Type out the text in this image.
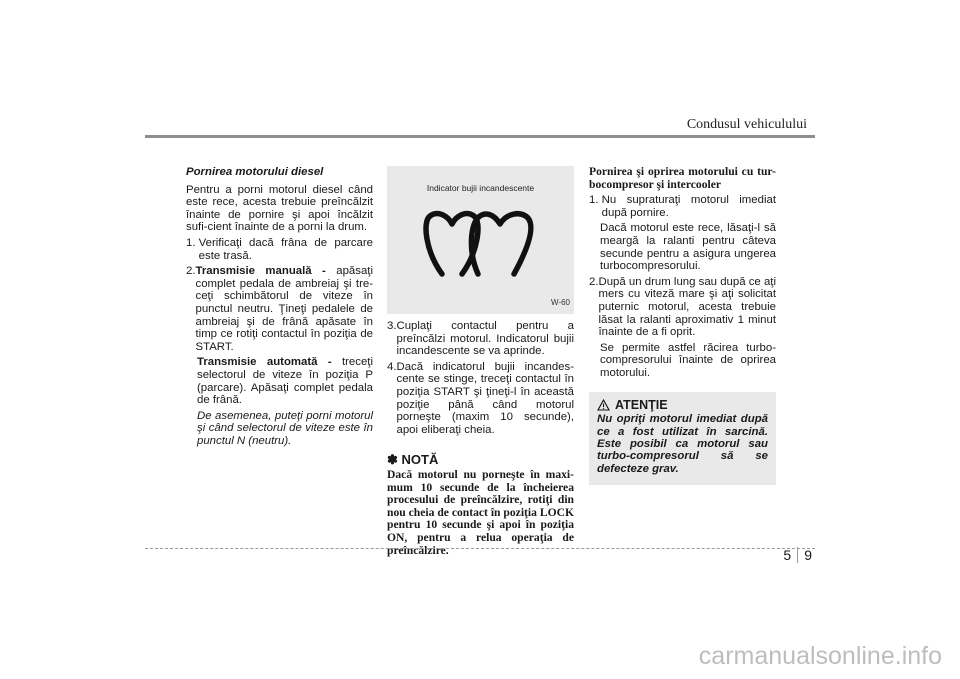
Condusul vehiculului
Pornirea motorului diesel
Pentru a porni motorul diesel când este rece, acesta trebuie preîncălzit înainte de pornire şi apoi încălzit sufi-cient înainte de a porni la drum.
1. Verificaţi dacă frâna de parcare este trasă.
2. Transmisie manuală - apăsaţi complet pedala de ambreiaj şi tre-ceţi schimbătorul de viteze în punctul neutru. Ţineţi pedalele de ambreiaj şi de frână apăsate în timp ce rotiţi contactul în poziţia de START.
Transmisie automată - treceţi selectorul de viteze în poziţia P (parcare). Apăsaţi complet pedala de frână.
De asemenea, puteţi porni motorul şi când selectorul de viteze este în punctul N (neutru).
Indicator bujii incandescente
W-60
3. Cuplaţi contactul pentru a preîncălzi motorul. Indicatorul bujii incandescente se va aprinde.
4. Dacă indicatorul bujii incandes-cente se stinge, treceţi contactul în poziţia START şi ţineţi-l în această poziţie până când motorul porneşte (maxim 10 secunde), apoi eliberaţi cheia.
✽ NOTĂ
Dacă motorul nu porneşte în maxi-mum 10 secunde de la încheierea procesului de preîncălzire, rotiţi din nou cheia de contact în poziţia LOCK pentru 10 secunde şi apoi în poziţia ON, pentru a relua operaţia de preîncălzire.
Pornirea şi oprirea motorului cu tur-bocompresor şi intercooler
1. Nu supraturaţi motorul imediat după pornire.
Dacă motorul este rece, lăsaţi-l să meargă la ralanti pentru câteva secunde pentru a asigura ungerea turbocompresorului.
2. După un drum lung sau după ce aţi mers cu viteză mare şi aţi solicitat puternic motorul, acesta trebuie lăsat la ralanti aproximativ 1 minut înainte de a fi oprit.
Se permite astfel răcirea turbo-compresorului înainte de oprirea motorului.
ATENŢIE
Nu opriţi motorul imediat după ce a fost utilizat în sarcină. Este posibil ca motorul sau turbo-compresorul să se defecteze grav.
5 9
carmanualsonline.info
